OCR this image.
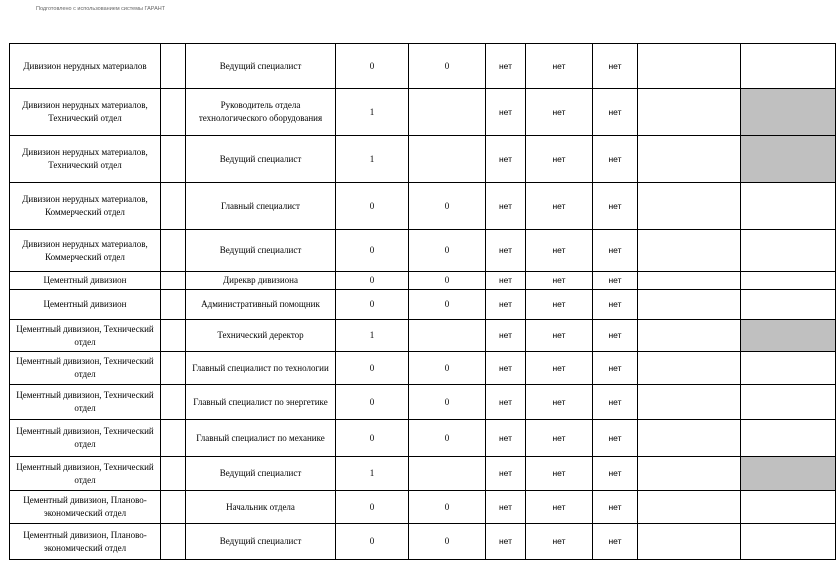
Подготовлено с использованием системы ГАРАНТ
Дивизион нерудных материалов		Ведущий специалист	0	0	нет	нет	нет		
Дивизион нерудных материалов, Технический отдел		Руководитель отдела технологического оборудования	1		нет	нет	нет		
Дивизион нерудных материалов, Технический отдел		Ведущий специалист	1		нет	нет	нет		
Дивизион нерудных материалов, Коммерческий отдел		Главный специалист	0	0	нет	нет	нет		
Дивизион нерудных материалов, Коммерческий отдел		Ведущий специалист	0	0	нет	нет	нет		
Цементный дивизион		Диреквр дивизиона	0	0	нет	нет	нет		
Цементный дивизион		Административный помощник	0	0	нет	нет	нет		
Цементный дивизион, Технический отдел		Технический деректор	1		нет	нет	нет		
Цементный дивизион, Технический отдел		Главный специалист по технологии	0	0	нет	нет	нет		
Цементный дивизион, Технический отдел		Главный специалист по энергетике	0	0	нет	нет	нет		
Цементный дивизион, Технический отдел		Главный специалист по механике	0	0	нет	нет	нет		
Цементный дивизион, Технический отдел		Ведущий специалист	1		нет	нет	нет		
Цементный дивизион, Планово-экономический отдел		Начальник отдела	0	0	нет	нет	нет		
Цементный дивизион, Планово-экономический отдел		Ведущий специалист	0	0	нет	нет	нет		
